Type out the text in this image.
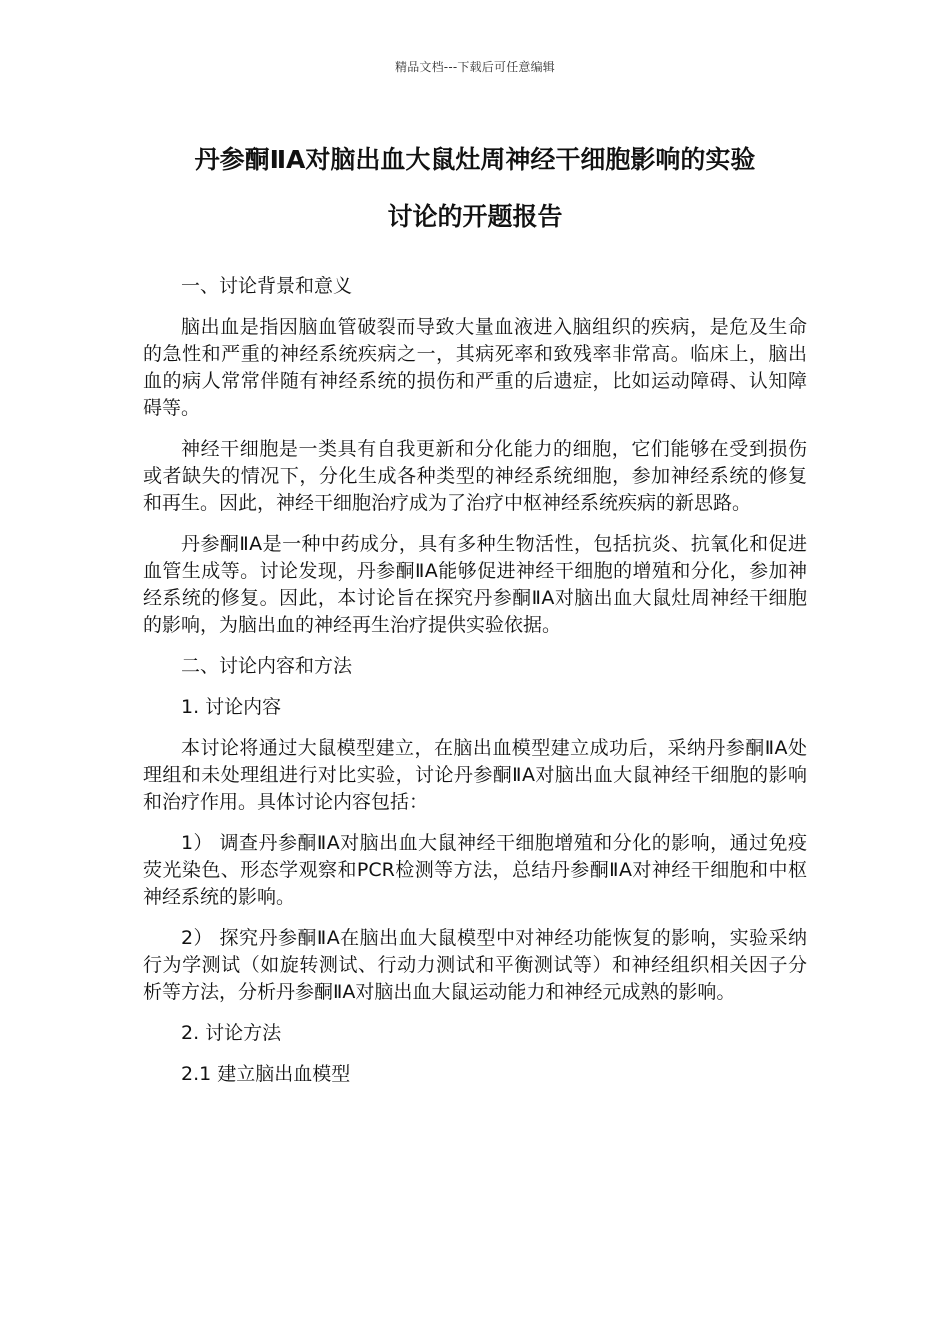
精品文档---下载后可任意编辑
丹参酮ⅡA对脑出血大鼠灶周神经干细胞影响的实验
讨论的开题报告

一、讨论背景和意义

脑出血是指因脑血管破裂而导致大量血液进入脑组织的疾病，是危及生命的急性和严重的神经系统疾病之一，其病死率和致残率非常高。临床上，脑出血的病人常常伴随有神经系统的损伤和严重的后遗症，比如运动障碍、认知障碍等。

神经干细胞是一类具有自我更新和分化能力的细胞，它们能够在受到损伤或者缺失的情况下，分化生成各种类型的神经系统细胞，参加神经系统的修复和再生。因此，神经干细胞治疗成为了治疗中枢神经系统疾病的新思路。

丹参酮ⅡA是一种中药成分，具有多种生物活性，包括抗炎、抗氧化和促进血管生成等。讨论发现，丹参酮ⅡA能够促进神经干细胞的增殖和分化，参加神经系统的修复。因此，本讨论旨在探究丹参酮ⅡA对脑出血大鼠灶周神经干细胞的影响，为脑出血的神经再生治疗提供实验依据。

二、讨论内容和方法

1. 讨论内容

本讨论将通过大鼠模型建立，在脑出血模型建立成功后，采纳丹参酮ⅡA处理组和未处理组进行对比实验，讨论丹参酮ⅡA对脑出血大鼠神经干细胞的影响和治疗作用。具体讨论内容包括：

1） 调查丹参酮ⅡA对脑出血大鼠神经干细胞增殖和分化的影响，通过免疫荧光染色、形态学观察和PCR检测等方法，总结丹参酮ⅡA对神经干细胞和中枢神经系统的影响。

2） 探究丹参酮ⅡA在脑出血大鼠模型中对神经功能恢复的影响，实验采纳行为学测试（如旋转测试、行动力测试和平衡测试等）和神经组织相关因子分析等方法，分析丹参酮ⅡA对脑出血大鼠运动能力和神经元成熟的影响。

2. 讨论方法

2.1 建立脑出血模型
